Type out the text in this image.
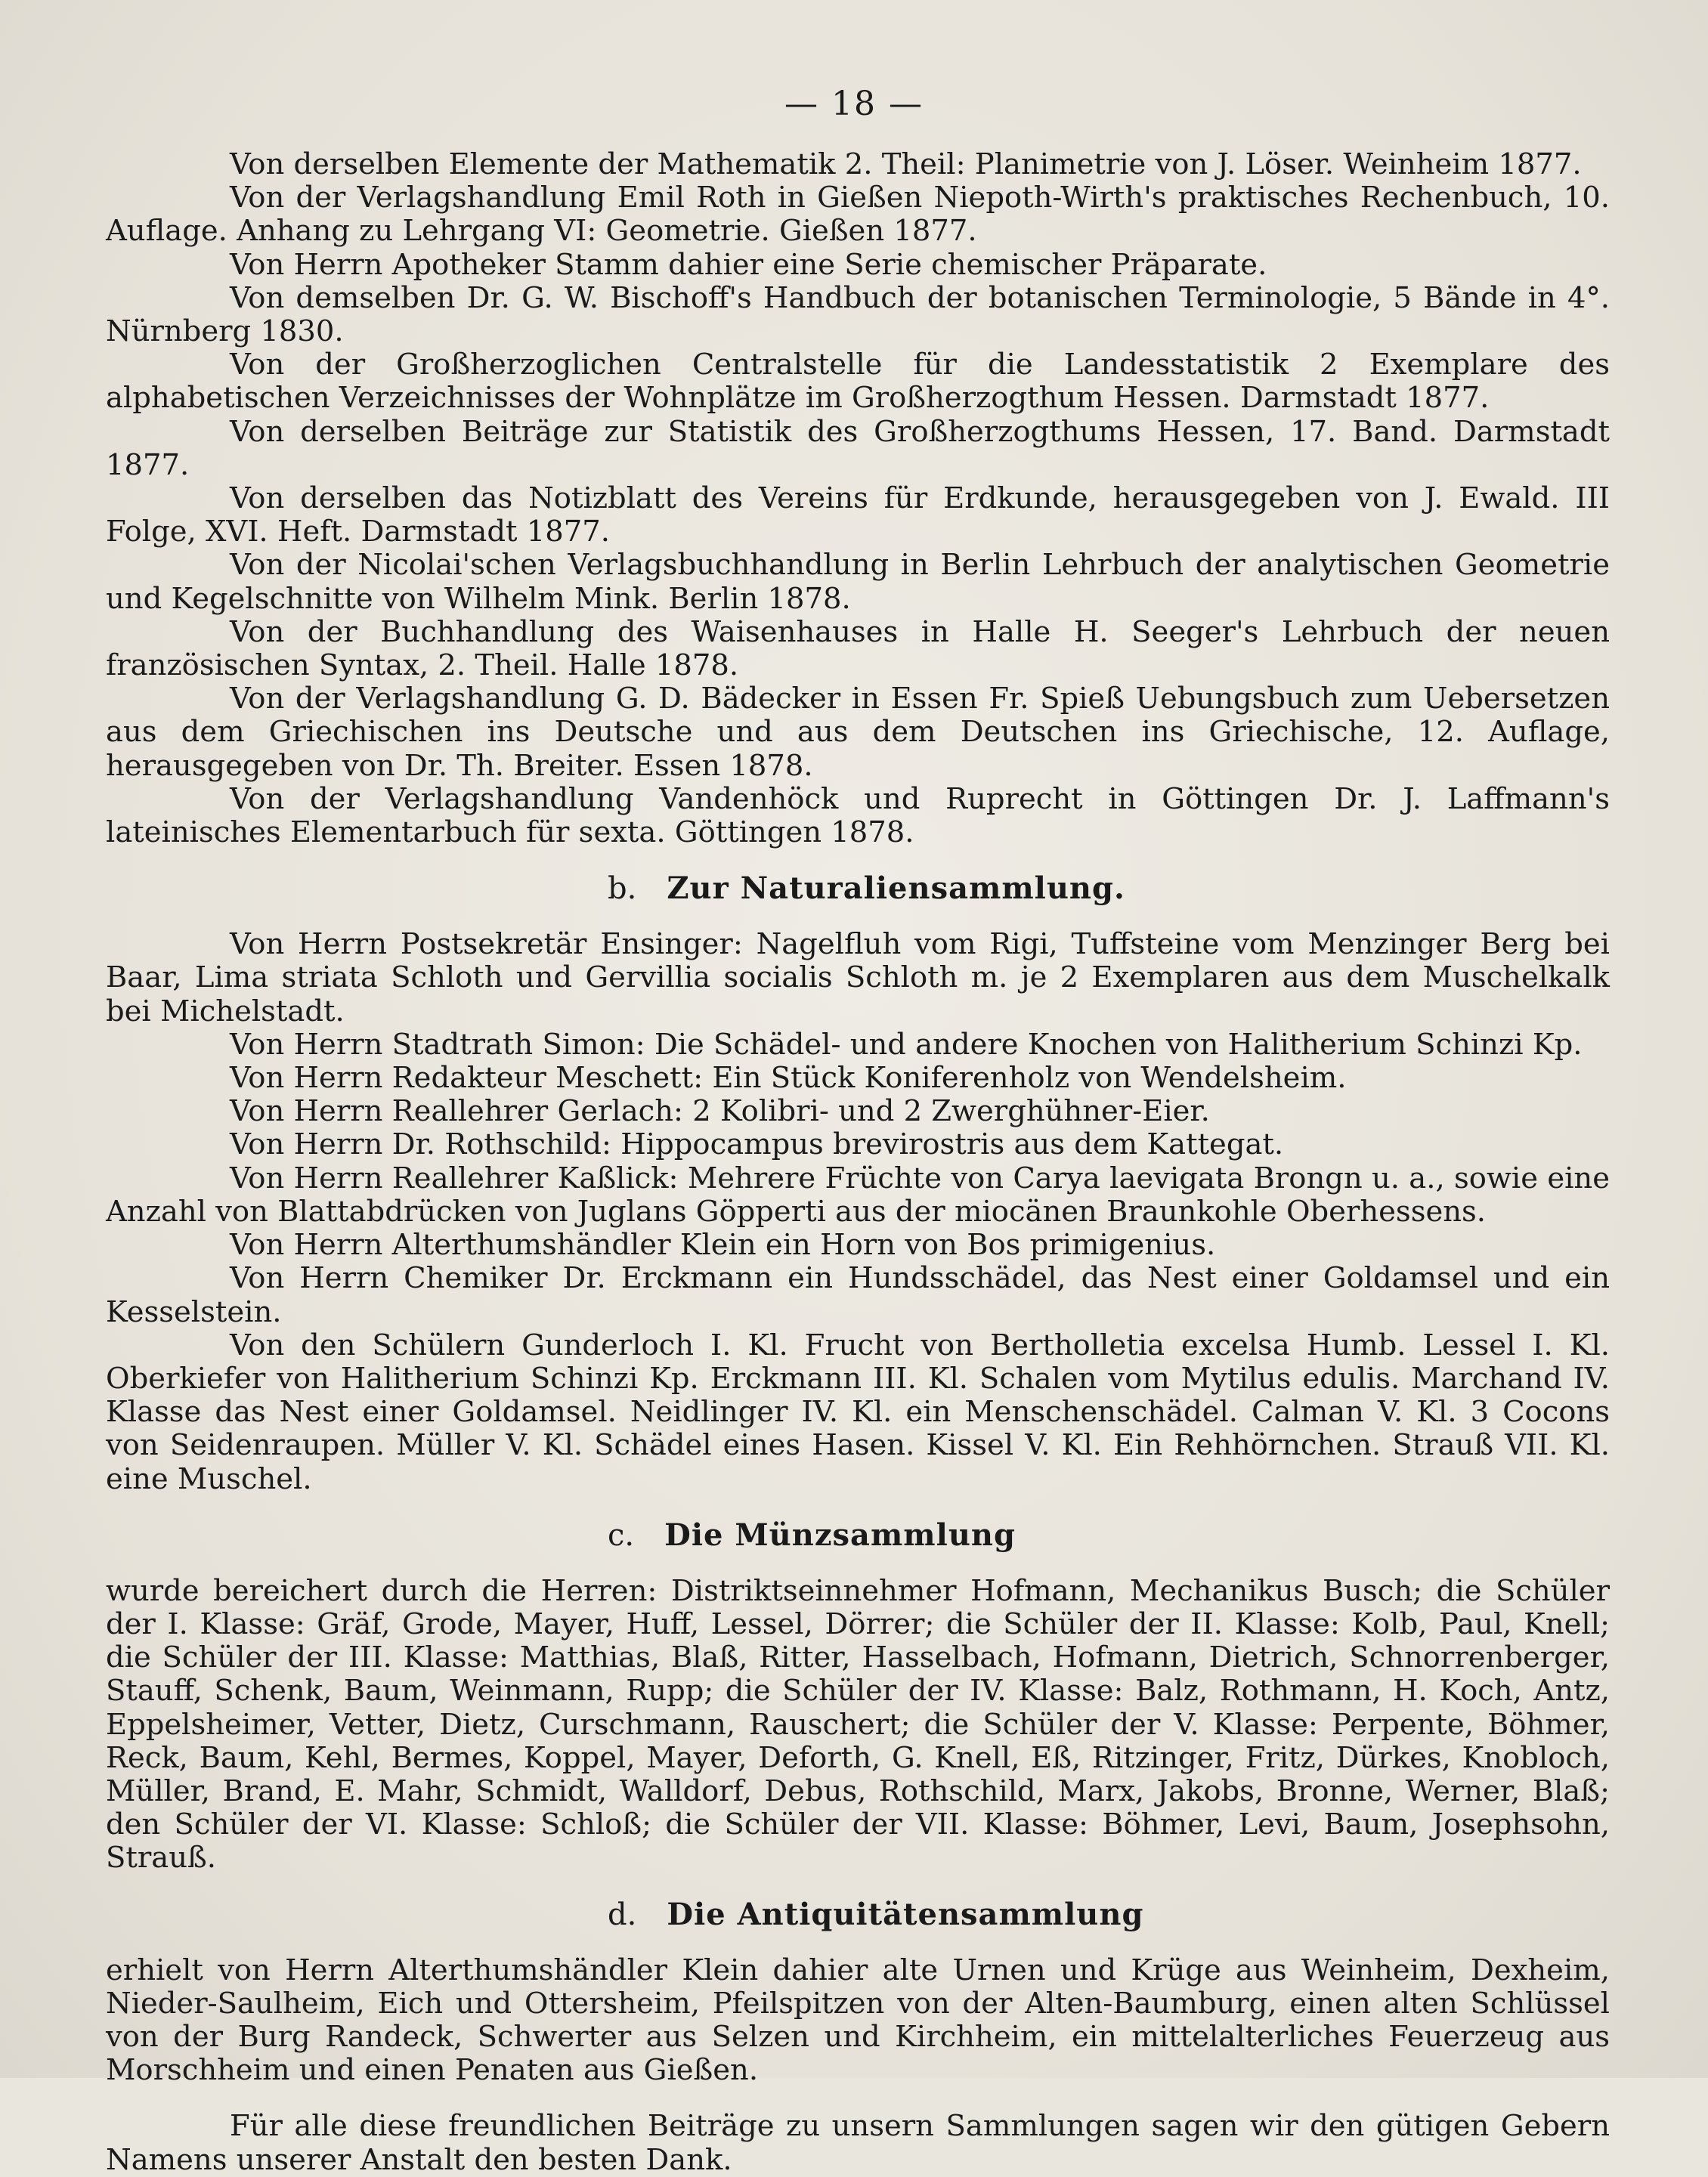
— 18 —

Von derselben Elemente der Mathematik 2. Theil: Planimetrie von J. Löser. Weinheim 1877.

Von der Verlagshandlung Emil Roth in Gießen Niepoth-Wirth's praktisches Rechenbuch, 10. Auflage. Anhang zu Lehrgang VI: Geometrie. Gießen 1877.

Von Herrn Apotheker Stamm dahier eine Serie chemischer Präparate.

Von demselben Dr. G. W. Bischoff's Handbuch der botanischen Terminologie, 5 Bände in 4°. Nürnberg 1830.

Von der Großherzoglichen Centralstelle für die Landesstatistik 2 Exemplare des alphabetischen Verzeichnisses der Wohnplätze im Großherzogthum Hessen. Darmstadt 1877.

Von derselben Beiträge zur Statistik des Großherzogthums Hessen, 17. Band. Darmstadt 1877.

Von derselben das Notizblatt des Vereins für Erdkunde, herausgegeben von J. Ewald. III Folge, XVI. Heft. Darmstadt 1877.

Von der Nicolai'schen Verlagsbuchhandlung in Berlin Lehrbuch der analytischen Geometrie und Kegelschnitte von Wilhelm Mink. Berlin 1878.

Von der Buchhandlung des Waisenhauses in Halle H. Seeger's Lehrbuch der neuen französischen Syntax, 2. Theil. Halle 1878.

Von der Verlagshandlung G. D. Bädecker in Essen Fr. Spieß Uebungsbuch zum Uebersetzen aus dem Griechischen ins Deutsche und aus dem Deutschen ins Griechische, 12. Auflage, herausgegeben von Dr. Th. Breiter. Essen 1878.

Von der Verlagshandlung Vandenhöck und Ruprecht in Göttingen Dr. J. Laffmann's lateinisches Elementarbuch für sexta. Göttingen 1878.

b. Zur Naturaliensammlung.

Von Herrn Postsekretär Ensinger: Nagelfluh vom Rigi, Tuffsteine vom Menzinger Berg bei Baar, Lima striata Schloth und Gervillia socialis Schloth m. je 2 Exemplaren aus dem Muschelkalk bei Michelstadt.

Von Herrn Stadtrath Simon: Die Schädel- und andere Knochen von Halitherium Schinzi Kp.

Von Herrn Redakteur Meschett: Ein Stück Koniferenholz von Wendelsheim.

Von Herrn Reallehrer Gerlach: 2 Kolibri- und 2 Zwerghühner-Eier.

Von Herrn Dr. Rothschild: Hippocampus brevirostris aus dem Kattegat.

Von Herrn Reallehrer Kaßlick: Mehrere Früchte von Carya laevigata Brongn u. a., sowie eine Anzahl von Blattabdrücken von Juglans Göpperti aus der miocänen Braunkohle Oberhessens.

Von Herrn Alterthumshändler Klein ein Horn von Bos primigenius.

Von Herrn Chemiker Dr. Erckmann ein Hundsschädel, das Nest einer Goldamsel und ein Kesselstein.

Von den Schülern Gunderloch I. Kl. Frucht von Bertholletia excelsa Humb. Lessel I. Kl. Oberkiefer von Halitherium Schinzi Kp. Erckmann III. Kl. Schalen vom Mytilus edulis. Marchand IV. Klasse das Nest einer Goldamsel. Neidlinger IV. Kl. ein Menschenschädel. Calman V. Kl. 3 Cocons von Seidenraupen. Müller V. Kl. Schädel eines Hasen. Kissel V. Kl. Ein Rehhörnchen. Strauß VII. Kl. eine Muschel.

c. Die Münzsammlung

wurde bereichert durch die Herren: Distriktseinnehmer Hofmann, Mechanikus Busch; die Schüler der I. Klasse: Gräf, Grode, Mayer, Huff, Lessel, Dörrer; die Schüler der II. Klasse: Kolb, Paul, Knell; die Schüler der III. Klasse: Matthias, Blaß, Ritter, Hasselbach, Hofmann, Dietrich, Schnorrenberger, Stauff, Schenk, Baum, Weinmann, Rupp; die Schüler der IV. Klasse: Balz, Rothmann, H. Koch, Antz, Eppelsheimer, Vetter, Dietz, Curschmann, Rauschert; die Schüler der V. Klasse: Perpente, Böhmer, Reck, Baum, Kehl, Bermes, Koppel, Mayer, Deforth, G. Knell, Eß, Ritzinger, Fritz, Dürkes, Knobloch, Müller, Brand, E. Mahr, Schmidt, Walldorf, Debus, Rothschild, Marx, Jakobs, Bronne, Werner, Blaß; den Schüler der VI. Klasse: Schloß; die Schüler der VII. Klasse: Böhmer, Levi, Baum, Josephsohn, Strauß.

d. Die Antiquitätensammlung

erhielt von Herrn Alterthumshändler Klein dahier alte Urnen und Krüge aus Weinheim, Dexheim, Nieder-Saulheim, Eich und Ottersheim, Pfeilspitzen von der Alten-Baumburg, einen alten Schlüssel von der Burg Randeck, Schwerter aus Selzen und Kirchheim, ein mittelalterliches Feuerzeug aus Morschheim und einen Penaten aus Gießen.

Für alle diese freundlichen Beiträge zu unsern Sammlungen sagen wir den gütigen Gebern Namens unserer Anstalt den besten Dank.
